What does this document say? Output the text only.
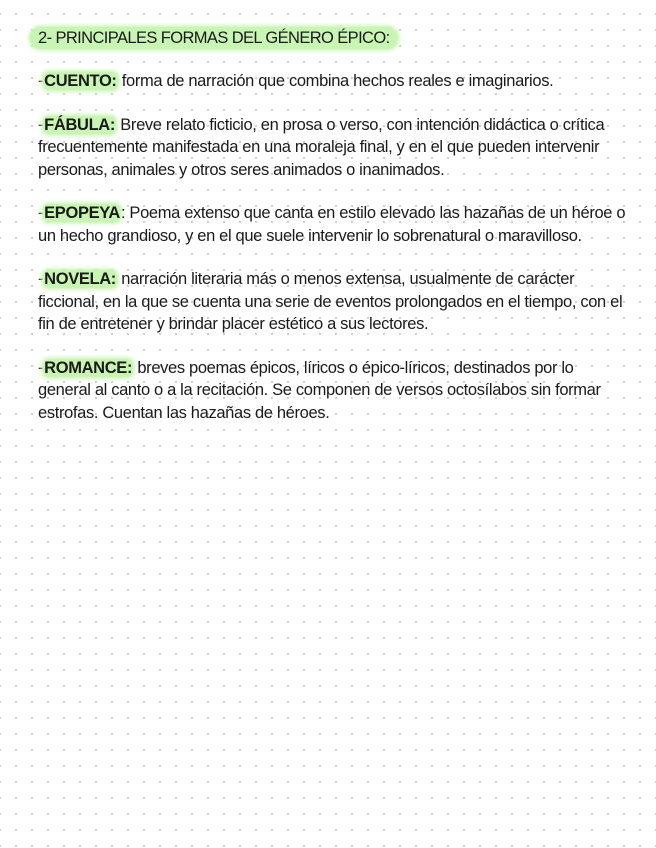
2- PRINCIPALES FORMAS DEL GÉNERO ÉPICO:

-CUENTO: forma de narración que combina hechos reales e imaginarios.

-FÁBULA: Breve relato ficticio, en prosa o verso, con intención didáctica o crítica frecuentemente manifestada en una moraleja final, y en el que pueden intervenir personas, animales y otros seres animados o inanimados.

-EPOPEYA: Poema extenso que canta en estilo elevado las hazañas de un héroe o un hecho grandioso, y en el que suele intervenir lo sobrenatural o maravilloso.

-NOVELA: narración literaria más o menos extensa, usualmente de carácter ficcional, en la que se cuenta una serie de eventos prolongados en el tiempo, con el fin de entretener y brindar placer estético a sus lectores.

-ROMANCE: breves poemas épicos, líricos o épico-líricos, destinados por lo general al canto o a la recitación. Se componen de versos octosílabos sin formar estrofas. Cuentan las hazañas de héroes.
